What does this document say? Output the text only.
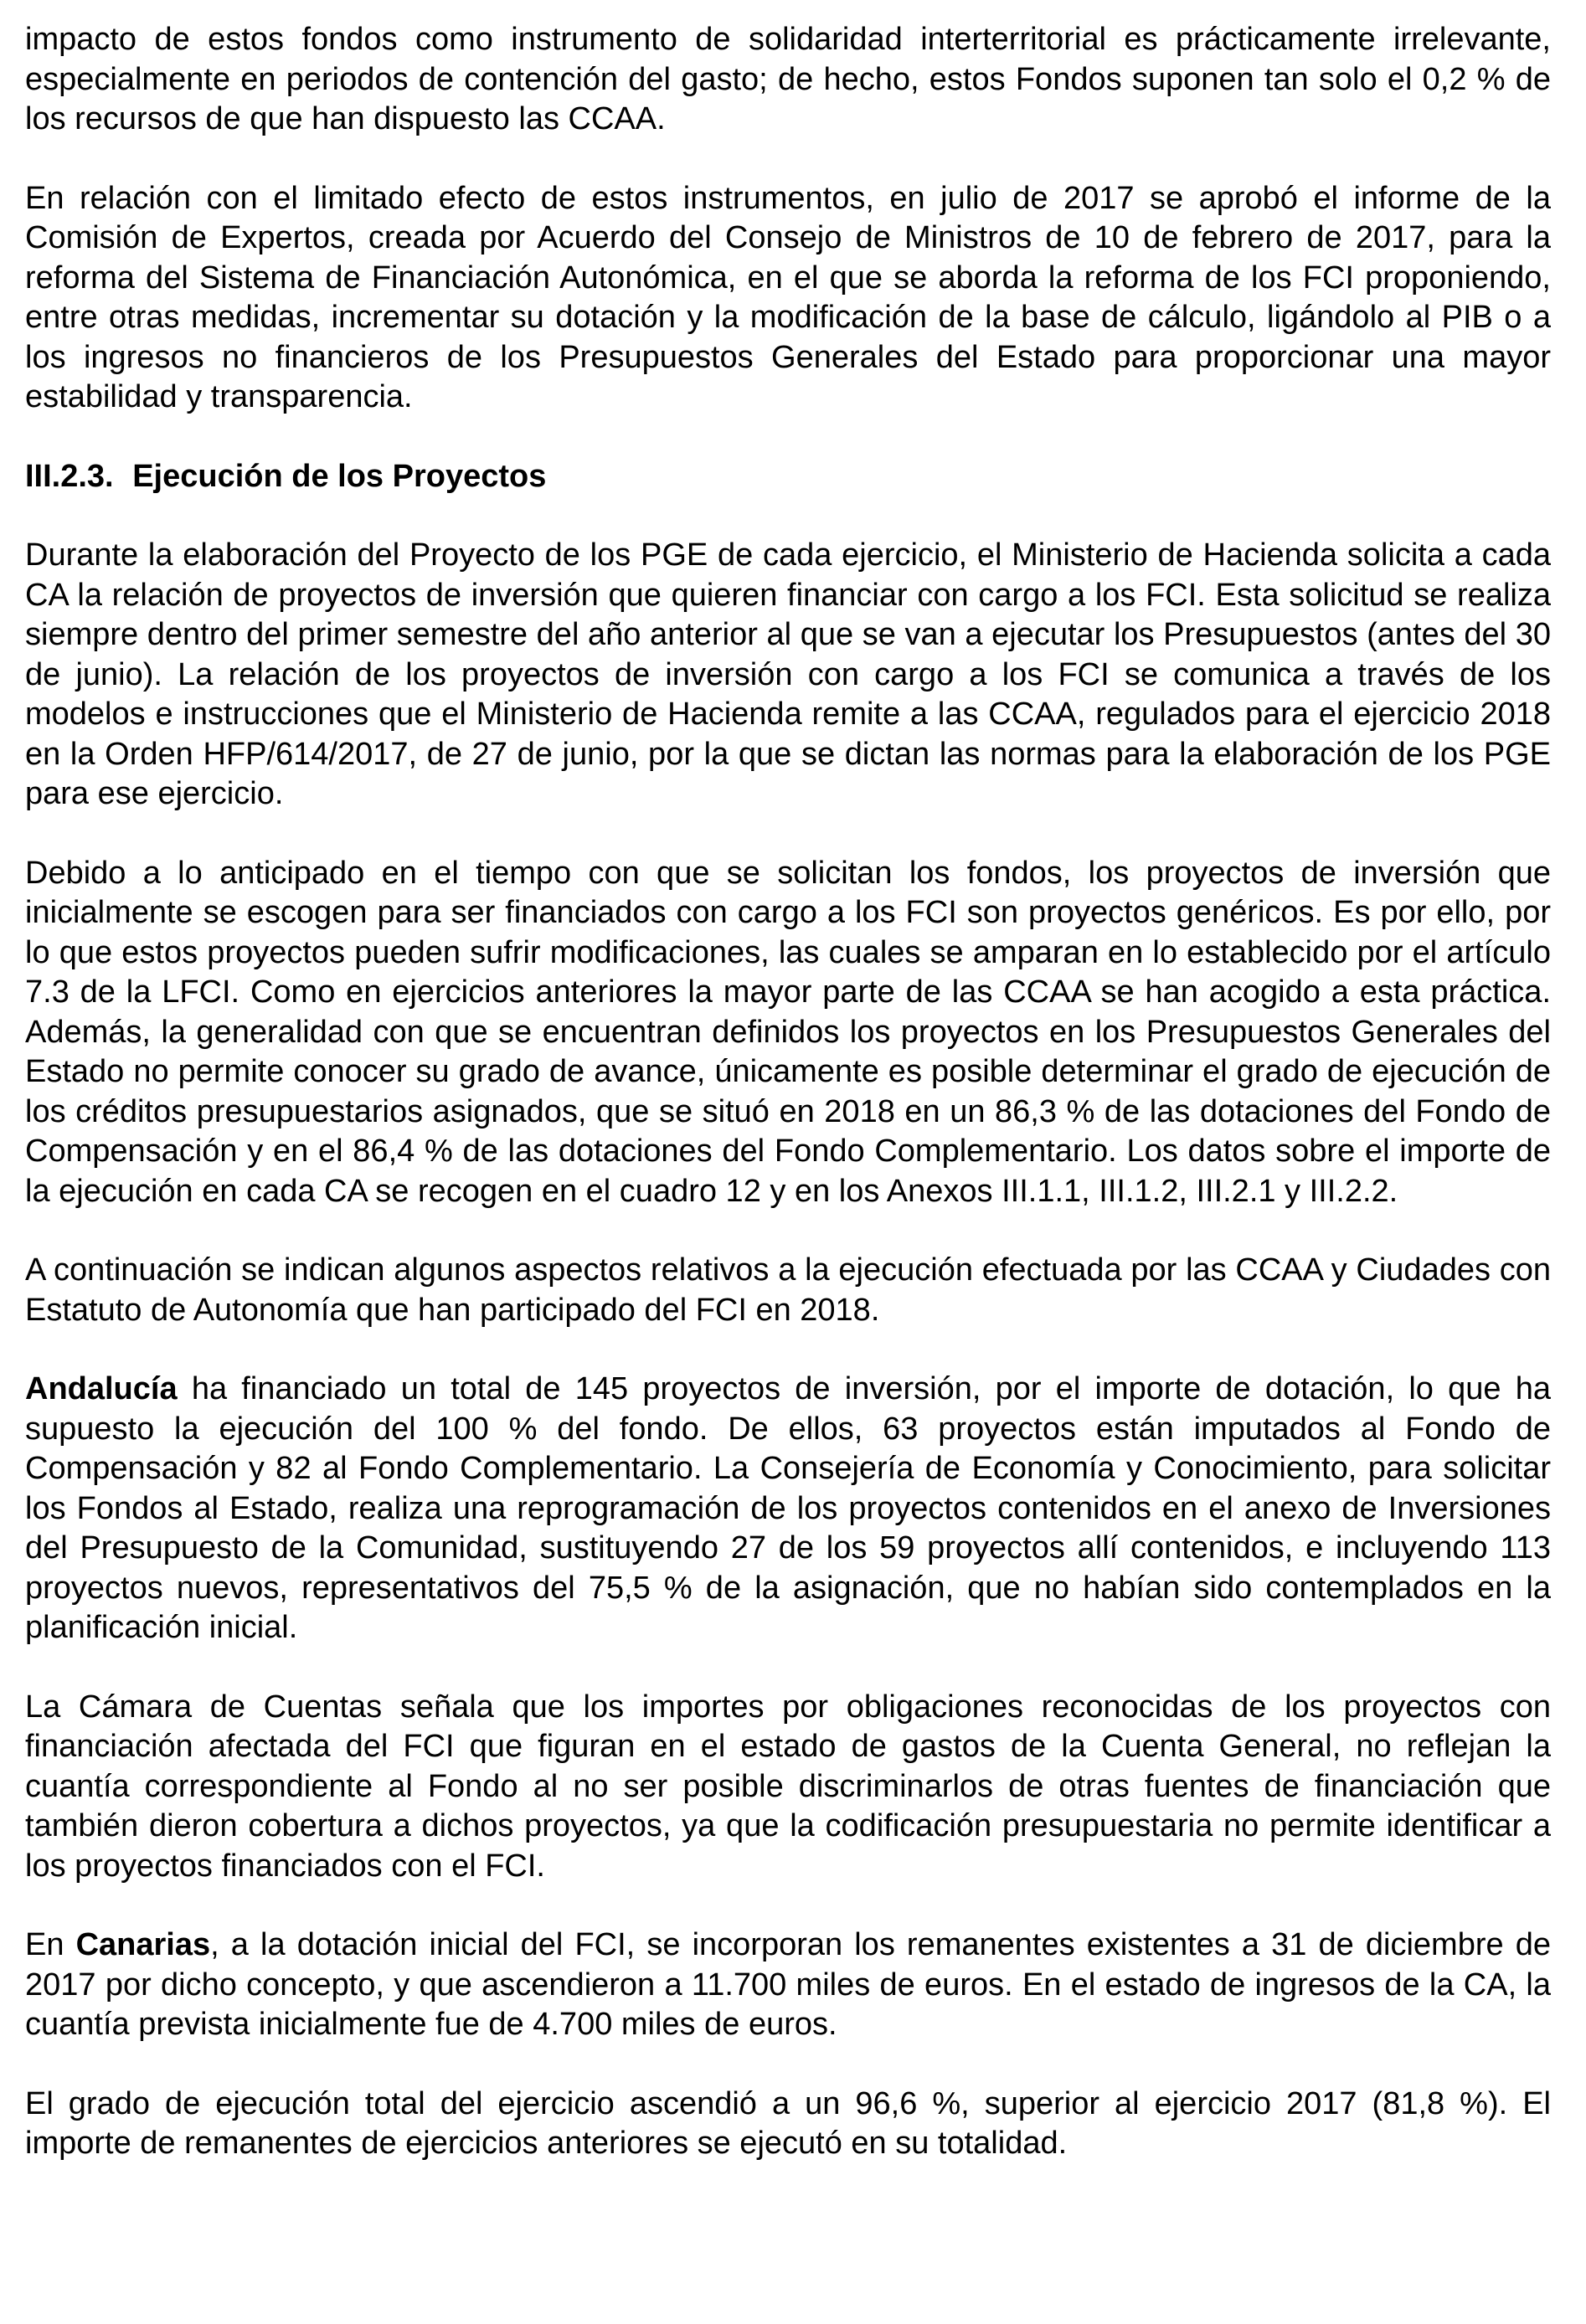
impacto de estos fondos como instrumento de solidaridad interterritorial es prácticamente irrelevante, especialmente en periodos de contención del gasto; de hecho, estos Fondos suponen tan solo el 0,2 % de los recursos de que han dispuesto las CCAA.

En relación con el limitado efecto de estos instrumentos, en julio de 2017 se aprobó el informe de la Comisión de Expertos, creada por Acuerdo del Consejo de Ministros de 10 de febrero de 2017, para la reforma del Sistema de Financiación Autonómica, en el que se aborda la reforma de los FCI proponiendo, entre otras medidas, incrementar su dotación y la modificación de la base de cálculo, ligándolo al PIB o a los ingresos no financieros de los Presupuestos Generales del Estado para proporcionar una mayor estabilidad y transparencia.

III.2.3. Ejecución de los Proyectos

Durante la elaboración del Proyecto de los PGE de cada ejercicio, el Ministerio de Hacienda solicita a cada CA la relación de proyectos de inversión que quieren financiar con cargo a los FCI. Esta solicitud se realiza siempre dentro del primer semestre del año anterior al que se van a ejecutar los Presupuestos (antes del 30 de junio). La relación de los proyectos de inversión con cargo a los FCI se comunica a través de los modelos e instrucciones que el Ministerio de Hacienda remite a las CCAA, regulados para el ejercicio 2018 en la Orden HFP/614/2017, de 27 de junio, por la que se dictan las normas para la elaboración de los PGE para ese ejercicio.

Debido a lo anticipado en el tiempo con que se solicitan los fondos, los proyectos de inversión que inicialmente se escogen para ser financiados con cargo a los FCI son proyectos genéricos. Es por ello, por lo que estos proyectos pueden sufrir modificaciones, las cuales se amparan en lo establecido por el artículo 7.3 de la LFCI. Como en ejercicios anteriores la mayor parte de las CCAA se han acogido a esta práctica. Además, la generalidad con que se encuentran definidos los proyectos en los Presupuestos Generales del Estado no permite conocer su grado de avance, únicamente es posible determinar el grado de ejecución de los créditos presupuestarios asignados, que se situó en 2018 en un 86,3 % de las dotaciones del Fondo de Compensación y en el 86,4 % de las dotaciones del Fondo Complementario. Los datos sobre el importe de la ejecución en cada CA se recogen en el cuadro 12 y en los Anexos III.1.1, III.1.2, III.2.1 y III.2.2.

A continuación se indican algunos aspectos relativos a la ejecución efectuada por las CCAA y Ciudades con Estatuto de Autonomía que han participado del FCI en 2018.

Andalucía ha financiado un total de 145 proyectos de inversión, por el importe de dotación, lo que ha supuesto la ejecución del 100 % del fondo. De ellos, 63 proyectos están imputados al Fondo de Compensación y 82 al Fondo Complementario. La Consejería de Economía y Conocimiento, para solicitar los Fondos al Estado, realiza una reprogramación de los proyectos contenidos en el anexo de Inversiones del Presupuesto de la Comunidad, sustituyendo 27 de los 59 proyectos allí contenidos, e incluyendo 113 proyectos nuevos, representativos del 75,5 % de la asignación, que no habían sido contemplados en la planificación inicial.

La Cámara de Cuentas señala que los importes por obligaciones reconocidas de los proyectos con financiación afectada del FCI que figuran en el estado de gastos de la Cuenta General, no reflejan la cuantía correspondiente al Fondo al no ser posible discriminarlos de otras fuentes de financiación que también dieron cobertura a dichos proyectos, ya que la codificación presupuestaria no permite identificar a los proyectos financiados con el FCI.

En Canarias, a la dotación inicial del FCI, se incorporan los remanentes existentes a 31 de diciembre de 2017 por dicho concepto, y que ascendieron a 11.700 miles de euros. En el estado de ingresos de la CA, la cuantía prevista inicialmente fue de 4.700 miles de euros.

El grado de ejecución total del ejercicio ascendió a un 96,6 %, superior al ejercicio 2017 (81,8 %). El importe de remanentes de ejercicios anteriores se ejecutó en su totalidad.
